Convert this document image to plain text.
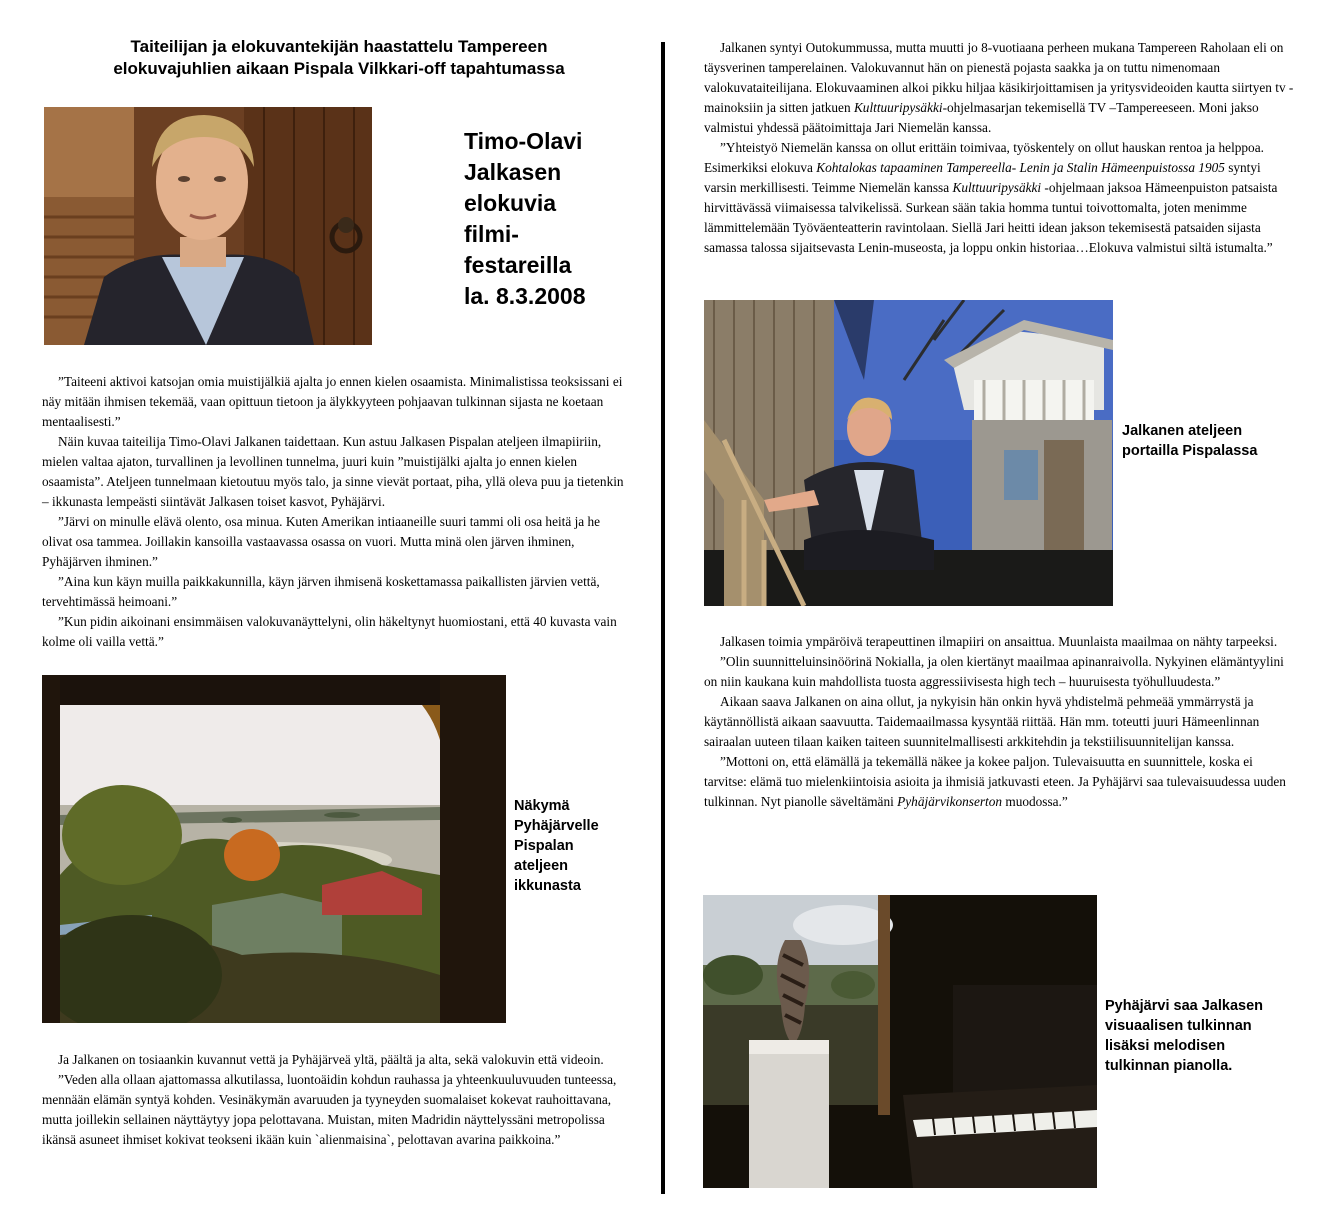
Taiteilijan ja elokuvantekijän haastattelu Tampereen
elokuvajuhlien aikaan Pispala Vilkkari-off tapahtumassa
Timo-Olavi
Jalkasen
elokuvia
filmi-
festareilla
la. 8.3.2008

”Taiteeni aktivoi katsojan omia muistijälkiä ajalta jo ennen kielen osaamista. Minimalistissa teoksissani ei näy mitään ihmisen tekemää, vaan opittuun tietoon ja älykkyyteen pohjaavan tulkinnan sijasta ne koetaan mentaalisesti.”

Näin kuvaa taiteilija Timo-Olavi Jalkanen taidettaan. Kun astuu Jalkasen Pispalan ateljeen ilmapiiriin, mielen valtaa ajaton, turvallinen ja levollinen tunnelma, juuri kuin ”muistijälki ajalta jo ennen kielen osaamista”. Ateljeen tunnelmaan kietoutuu myös talo, ja sinne vievät portaat, piha, yllä oleva puu ja tietenkin – ikkunasta lempeästi siintävät Jalkasen toiset kasvot, Pyhäjärvi.

”Järvi on minulle elävä olento, osa minua. Kuten Amerikan intiaaneille suuri tammi oli osa heitä ja he olivat osa tammea. Joillakin kansoilla vastaavassa osassa on vuori. Mutta minä olen järven ihminen, Pyhäjärven ihminen.”

”Aina kun käyn muilla paikkakunnilla, käyn järven ihmisenä koskettamassa paikallisten järvien vettä, tervehtimässä heimoani.”

”Kun pidin aikoinani ensimmäisen valokuvanäyttelyni, olin häkeltynyt huomiostani, että 40 kuvasta vain kolme oli vailla vettä.”

Näkymä
Pyhäjärvelle
Pispalan
ateljeen
ikkunasta

Ja Jalkanen on tosiaankin kuvannut vettä ja Pyhäjärveä yltä, päältä ja alta, sekä valokuvin että videoin.

”Veden alla ollaan ajattomassa alkutilassa, luontoäidin kohdun rauhassa ja yhteenkuuluvuuden tunteessa, mennään elämän syntyä kohden. Vesinäkymän avaruuden ja tyyneyden suomalaiset kokevat rauhoittavana, mutta joillekin sellainen näyttäytyy jopa pelottavana. Muistan, miten Madridin näyttelyssäni metropolissa ikänsä asuneet ihmiset kokivat teokseni ikään kuin `alienmaisina`, pelottavan avarina paikkoina.”

Jalkanen syntyi Outokummussa, mutta muutti jo 8-vuotiaana perheen mukana Tampereen Raholaan eli on täysverinen tamperelainen. Valokuvannut hän on pienestä pojasta saakka ja on tuttu nimenomaan valokuvataiteilijana. Elokuvaaminen alkoi pikku hiljaa käsikirjoittamisen ja yritysvideoiden kautta siirtyen tv -mainoksiin ja sitten jatkuen Kulttuuripysäkki-ohjelmasarjan tekemisellä TV –Tampereeseen. Moni jakso valmistui yhdessä päätoimittaja Jari Niemelän kanssa.

”Yhteistyö Niemelän kanssa on ollut erittäin toimivaa, työskentely on ollut hauskan rentoa ja helppoa. Esimerkiksi elokuva Kohtalokas tapaaminen Tampereella- Lenin ja Stalin Hämeenpuistossa 1905 syntyi varsin merkillisesti. Teimme Niemelän kanssa Kulttuuripysäkki -ohjelmaan jaksoa Hämeenpuiston patsaista hirvittävässä viimaisessa talvikelissä. Surkean sään takia homma tuntui toivottomalta, joten menimme lämmittelemään Työväenteatterin ravintolaan. Siellä Jari heitti idean jakson tekemisestä patsaiden sijasta samassa talossa sijaitsevasta Lenin-museosta, ja loppu onkin historiaa…Elokuva valmistui siltä istumalta.”

Jalkanen ateljeen
portailla Pispalassa

Jalkasen toimia ympäröivä terapeuttinen ilmapiiri on ansaittua. Muunlaista maailmaa on nähty tarpeeksi.

”Olin suunnitteluinsinöörinä Nokialla, ja olen kiertänyt maailmaa apinanraivolla. Nykyinen elämäntyylini on niin kaukana kuin mahdollista tuosta aggressiivisesta high tech – huuruisesta työhulluudesta.”

Aikaan saava Jalkanen on aina ollut, ja nykyisin hän onkin hyvä yhdistelmä pehmeää ymmärrystä ja käytännöllistä aikaan saavuutta. Taidemaailmassa kysyntää riittää. Hän mm. toteutti juuri Hämeenlinnan sairaalan uuteen tilaan kaiken taiteen suunnitelmallisesti arkkitehdin ja tekstiilisuunnitelijan kanssa.

”Mottoni on, että elämällä ja tekemällä näkee ja kokee paljon. Tulevaisuutta en suunnittele, koska ei tarvitse: elämä tuo mielenkiintoisia asioita ja ihmisiä jatkuvasti eteen. Ja Pyhäjärvi saa tulevaisuudessa uuden tulkinnan. Nyt pianolle säveltämäni Pyhäjärvikonserton muodossa.”

Pyhäjärvi saa Jalkasen
visuaalisen tulkinnan
lisäksi melodisen
tulkinnan pianolla.
